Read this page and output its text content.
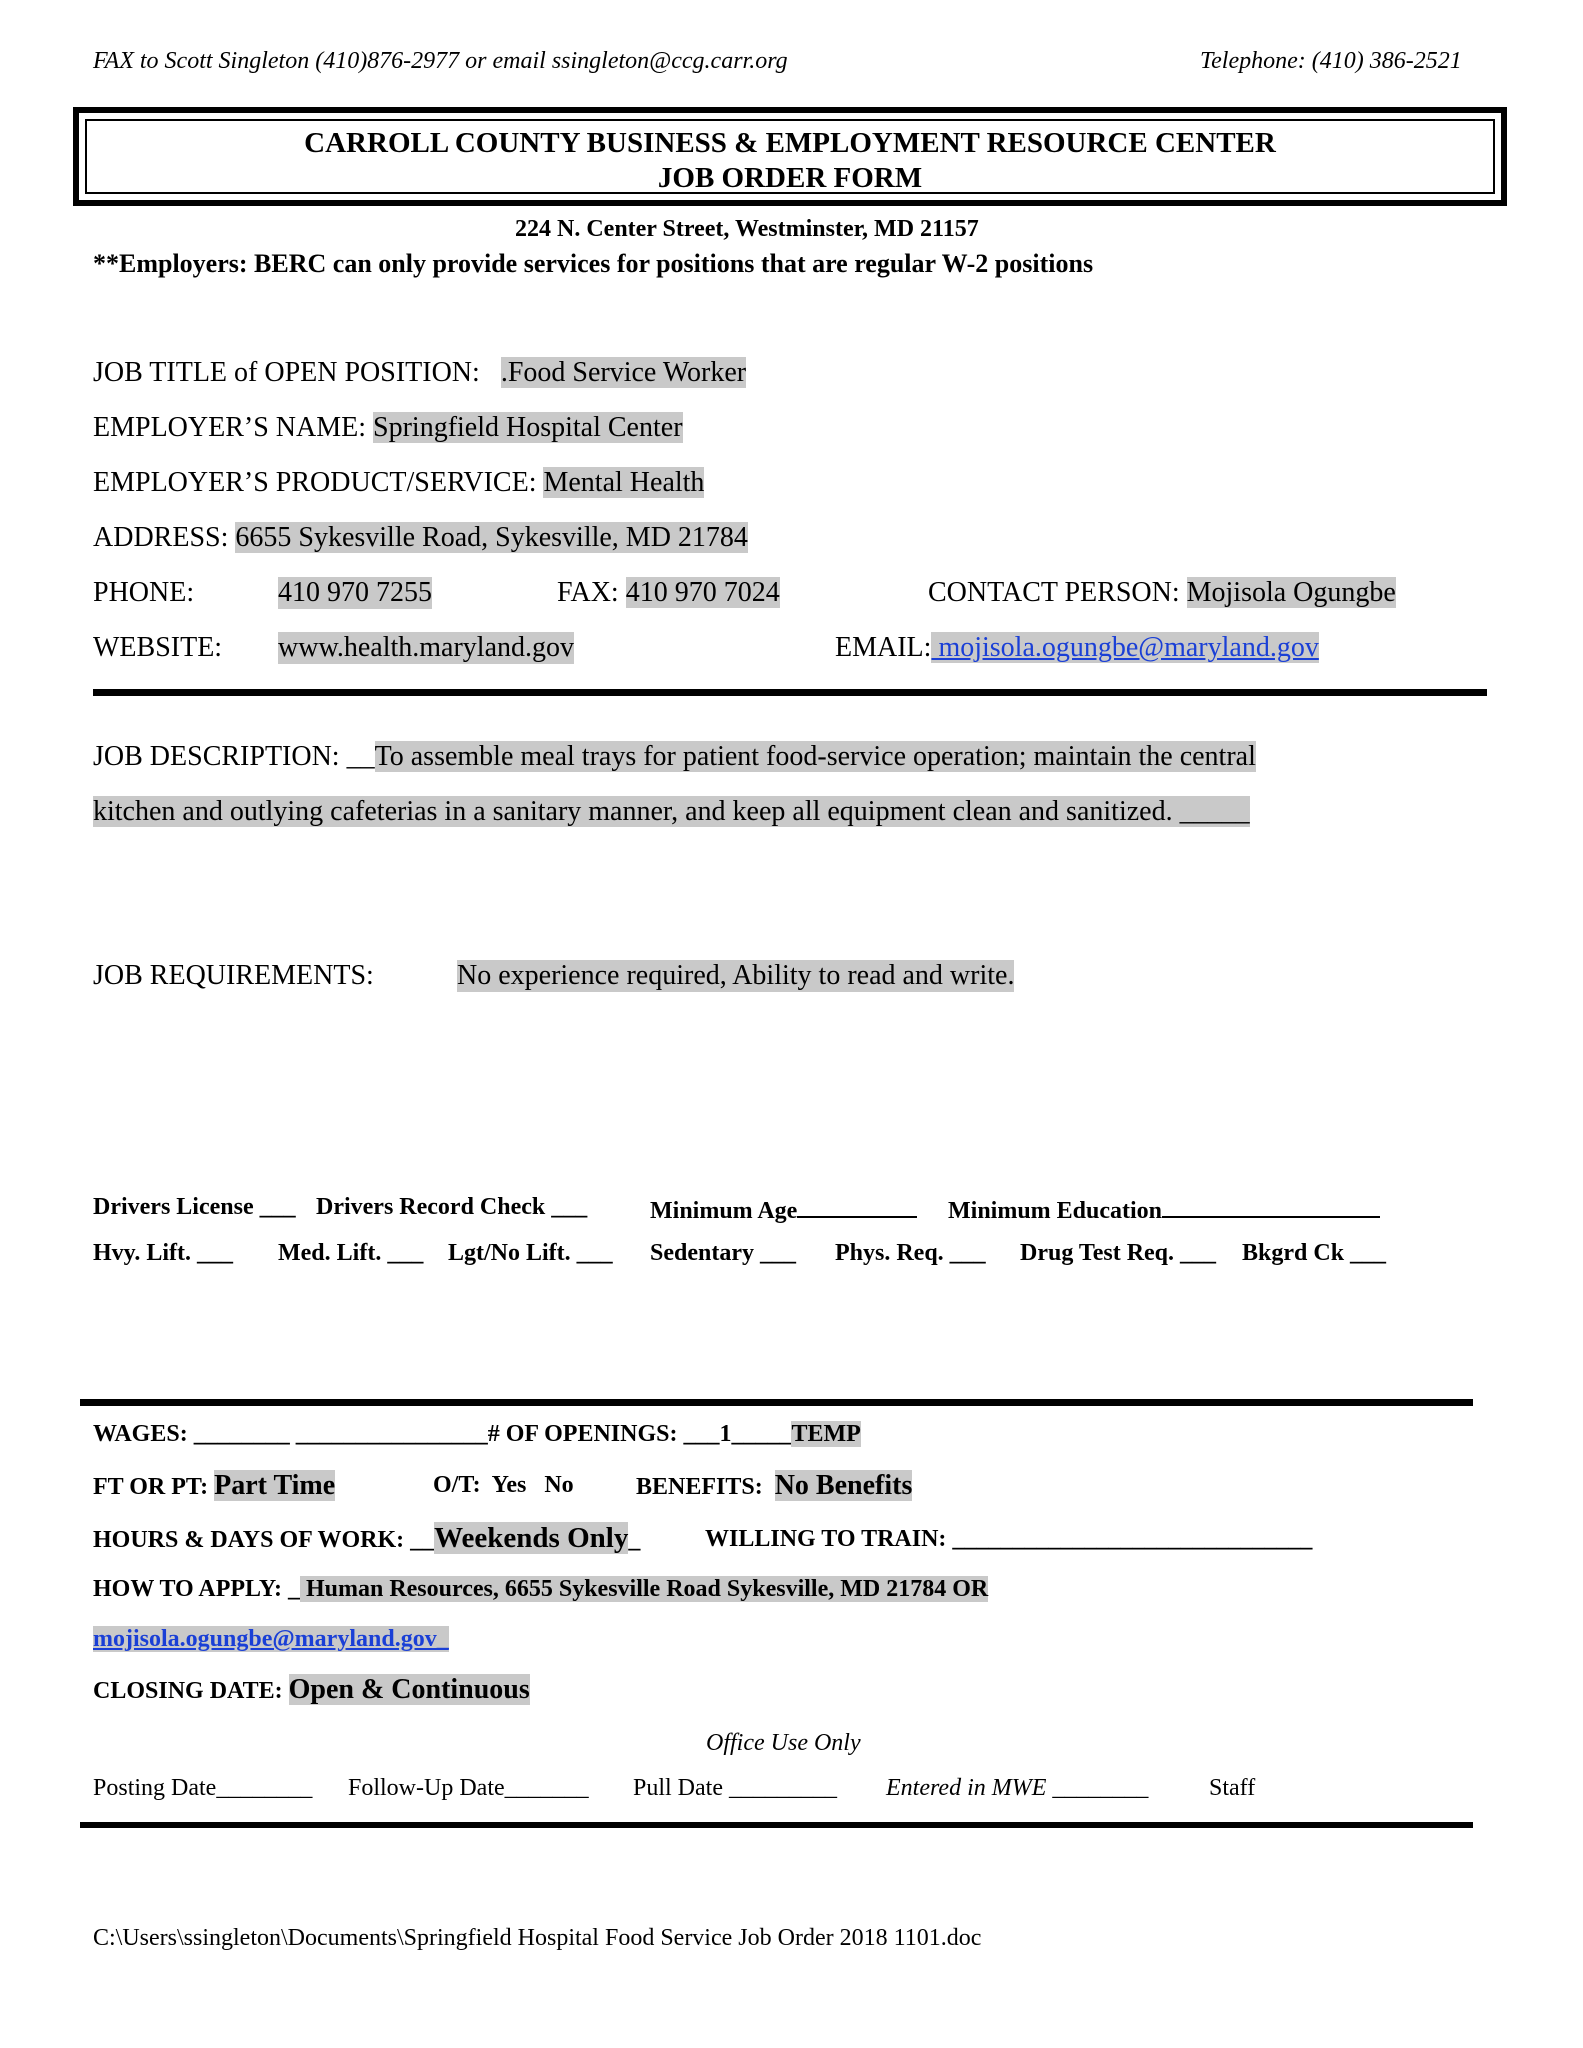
FAX to Scott Singleton (410)876-2977 or email ssingleton@ccg.carr.org	Telephone: (410) 386-2521
CARROLL COUNTY BUSINESS & EMPLOYMENT RESOURCE CENTER
JOB ORDER FORM
224 N. Center Street, Westminster, MD 21157
**Employers: BERC can only provide services for positions that are regular W-2 positions
JOB TITLE of OPEN POSITION: .Food Service Worker
EMPLOYER’S NAME: Springfield Hospital Center
EMPLOYER’S PRODUCT/SERVICE: Mental Health
ADDRESS: 6655 Sykesville Road, Sykesville, MD 21784
PHONE:	410 970 7255	FAX: 410 970 7024	CONTACT PERSON: Mojisola Ogungbe
WEBSITE: www.health.maryland.gov	EMAIL: mojisola.ogungbe@maryland.gov
JOB DESCRIPTION: __To assemble meal trays for patient food-service operation; maintain the central
kitchen and outlying cafeterias in a sanitary manner, and keep all equipment clean and sanitized. _____
JOB REQUIREMENTS:	No experience required, Ability to read and write.
Drivers License ___ Drivers Record Check ___	Minimum Age	Minimum Education
Hvy. Lift. ___ Med. Lift. ___ Lgt/No Lift. ___ Sedentary ___ Phys. Req. ___ Drug Test Req. ___ Bkgrd Ck ___
WAGES: ________ ________________# OF OPENINGS: ___1_____TEMP
FT OR PT: Part Time	O/T:  Yes   No	BENEFITS: No Benefits
HOURS & DAYS OF WORK: __Weekends Only_	WILLING TO TRAIN: ______________________________
HOW TO APPLY: _ Human Resources, 6655 Sykesville Road Sykesville, MD 21784 OR
mojisola.ogungbe@maryland.gov_
CLOSING DATE: Open & Continuous
Office Use Only
Posting Date________ Follow-Up Date_______ Pull Date _________ Entered in MWE ________	Staff
C:\Users\ssingleton\Documents\Springfield Hospital Food Service Job Order 2018 1101.doc
